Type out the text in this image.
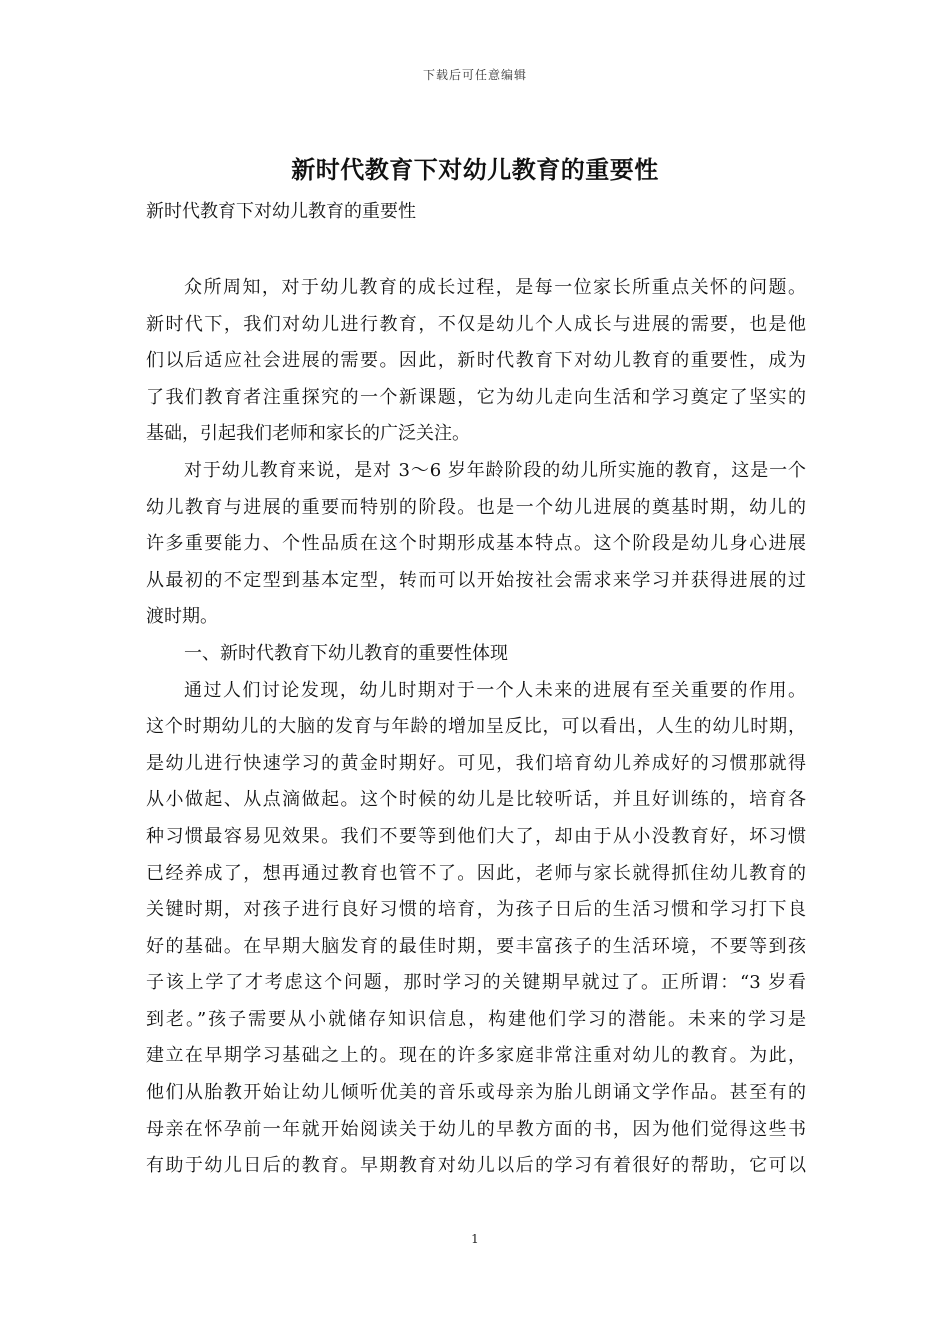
下载后可任意编辑
新时代教育下对幼儿教育的重要性

新时代教育下对幼儿教育的重要性

众所周知，对于幼儿教育的成长过程，是每一位家长所重点关怀的问题。
新时代下，我们对幼儿进行教育，不仅是幼儿个人成长与进展的需要，也是他
们以后适应社会进展的需要。因此，新时代教育下对幼儿教育的重要性，成为
了我们教育者注重探究的一个新课题，它为幼儿走向生活和学习奠定了坚实的
基础，引起我们老师和家长的广泛关注。
对于幼儿教育来说，是对 3～6 岁年龄阶段的幼儿所实施的教育，这是一个
幼儿教育与进展的重要而特别的阶段。也是一个幼儿进展的奠基时期，幼儿的
许多重要能力、个性品质在这个时期形成基本特点。这个阶段是幼儿身心进展
从最初的不定型到基本定型，转而可以开始按社会需求来学习并获得进展的过
渡时期。
一、新时代教育下幼儿教育的重要性体现
通过人们讨论发现，幼儿时期对于一个人未来的进展有至关重要的作用。
这个时期幼儿的大脑的发育与年龄的增加呈反比，可以看出，人生的幼儿时期，
是幼儿进行快速学习的黄金时期好。可见，我们培育幼儿养成好的习惯那就得
从小做起、从点滴做起。这个时候的幼儿是比较听话，并且好训练的，培育各
种习惯最容易见效果。我们不要等到他们大了，却由于从小没教育好，坏习惯
已经养成了，想再通过教育也管不了。因此，老师与家长就得抓住幼儿教育的
关键时期，对孩子进行良好习惯的培育，为孩子日后的生活习惯和学习打下良
好的基础。在早期大脑发育的最佳时期，要丰富孩子的生活环境，不要等到孩
子该上学了才考虑这个问题，那时学习的关键期早就过了。正所谓：“3 岁看
到老。”孩子需要从小就储存知识信息，构建他们学习的潜能。未来的学习是
建立在早期学习基础之上的。现在的许多家庭非常注重对幼儿的教育。为此，
他们从胎教开始让幼儿倾听优美的音乐或母亲为胎儿朗诵文学作品。甚至有的
母亲在怀孕前一年就开始阅读关于幼儿的早教方面的书，因为他们觉得这些书
有助于幼儿日后的教育。早期教育对幼儿以后的学习有着很好的帮助，它可以
1
